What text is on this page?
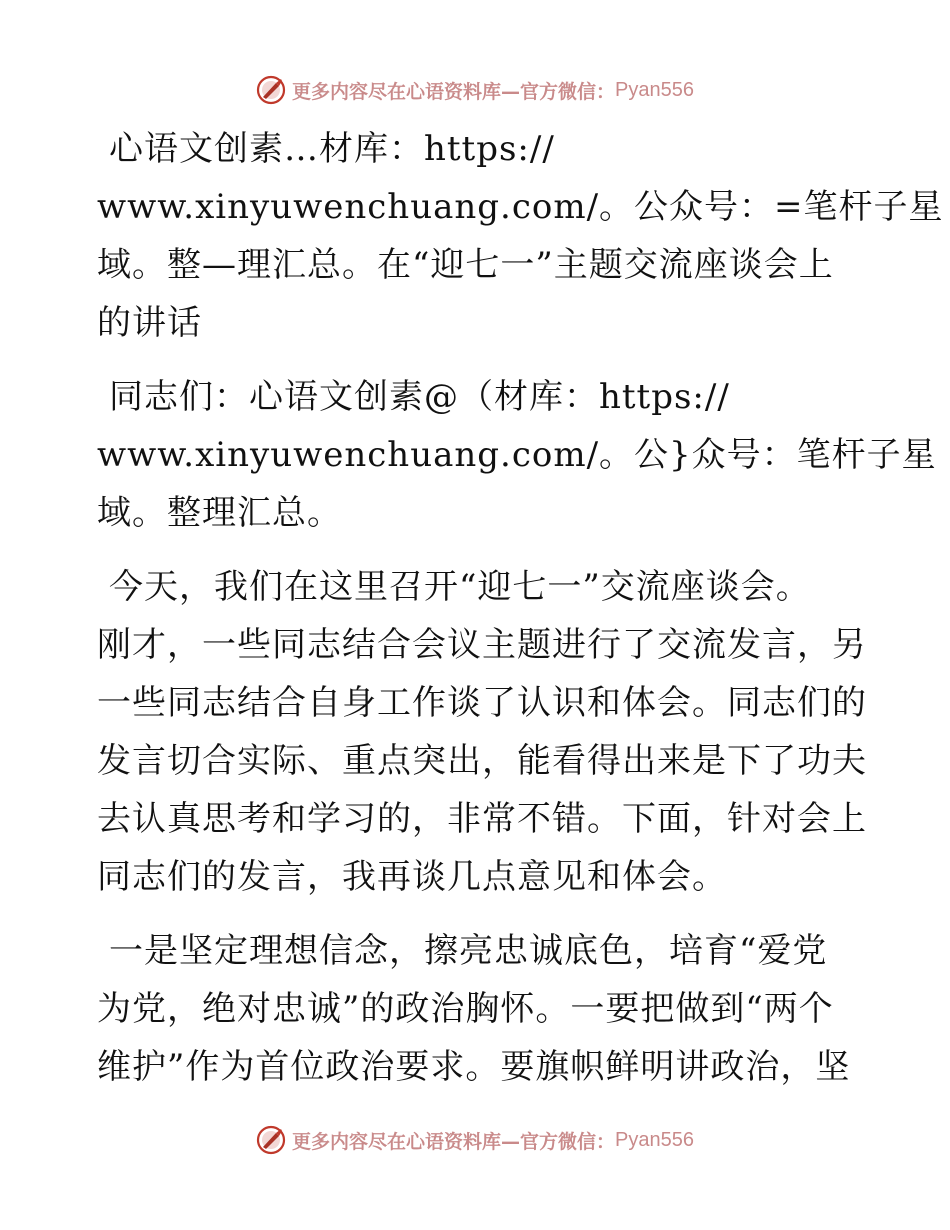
更多内容尽在心语资料库—官方微信： Pyan556
心语文创素…材库：https://
www.xinyuwenchuang.com/。公众号：=笔杆子星
域。整—理汇总。在“迎七一”主题交流座谈会上
的讲话
同志们：心语文创素@（材库：https://
www.xinyuwenchuang.com/。公}众号：笔杆子星
域。整理汇总。
今天，我们在这里召开“迎七一”交流座谈会。
刚才，一些同志结合会议主题进行了交流发言，另
一些同志结合自身工作谈了认识和体会。同志们的
发言切合实际、重点突出，能看得出来是下了功夫
去认真思考和学习的，非常不错。下面，针对会上
同志们的发言，我再谈几点意见和体会。
一是坚定理想信念，擦亮忠诚底色，培育“爱党
为党，绝对忠诚”的政治胸怀。一要把做到“两个
维护”作为首位政治要求。要旗帜鲜明讲政治，坚
更多内容尽在心语资料库—官方微信： Pyan556
